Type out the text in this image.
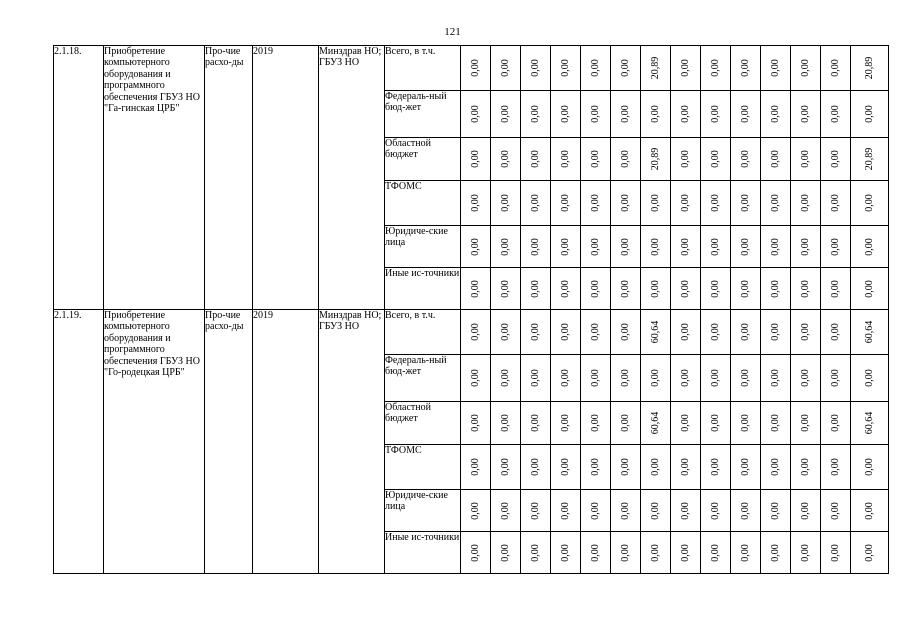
121
2.1.18.	Приобретение компьютерного оборудования и программного обеспечения ГБУЗ НО "Га-гинская ЦРБ"	Про-чие расхо-ды	2019	Минздрав НО; ГБУЗ НО	Всего, в т.ч.	0,00	0,00	0,00	0,00	0,00	0,00	20,89	0,00	0,00	0,00	0,00	0,00	0,00	20,89

					Федераль-ный бюд-жет	0,00	0,00	0,00	0,00	0,00	0,00	0,00	0,00	0,00	0,00	0,00	0,00	0,00	0,00

					Областной бюджет	0,00	0,00	0,00	0,00	0,00	0,00	20,89	0,00	0,00	0,00	0,00	0,00	0,00	20,89

					ТФОМС	0,00	0,00	0,00	0,00	0,00	0,00	0,00	0,00	0,00	0,00	0,00	0,00	0,00	0,00

					Юридиче-ские лица	0,00	0,00	0,00	0,00	0,00	0,00	0,00	0,00	0,00	0,00	0,00	0,00	0,00	0,00

					Иные ис-точники	0,00	0,00	0,00	0,00	0,00	0,00	0,00	0,00	0,00	0,00	0,00	0,00	0,00	0,00

2.1.19.	Приобретение компьютерного оборудования и программного обеспечения ГБУЗ НО "Го-родецкая ЦРБ"	Про-чие расхо-ды	2019	Минздрав НО; ГБУЗ НО	Всего, в т.ч.	0,00	0,00	0,00	0,00	0,00	0,00	60,64	0,00	0,00	0,00	0,00	0,00	0,00	60,64

					Федераль-ный бюд-жет	0,00	0,00	0,00	0,00	0,00	0,00	0,00	0,00	0,00	0,00	0,00	0,00	0,00	0,00

					Областной бюджет	0,00	0,00	0,00	0,00	0,00	0,00	60,64	0,00	0,00	0,00	0,00	0,00	0,00	60,64

					ТФОМС	0,00	0,00	0,00	0,00	0,00	0,00	0,00	0,00	0,00	0,00	0,00	0,00	0,00	0,00

					Юридиче-ские лица	0,00	0,00	0,00	0,00	0,00	0,00	0,00	0,00	0,00	0,00	0,00	0,00	0,00	0,00

					Иные ис-точники	0,00	0,00	0,00	0,00	0,00	0,00	0,00	0,00	0,00	0,00	0,00	0,00	0,00	0,00
